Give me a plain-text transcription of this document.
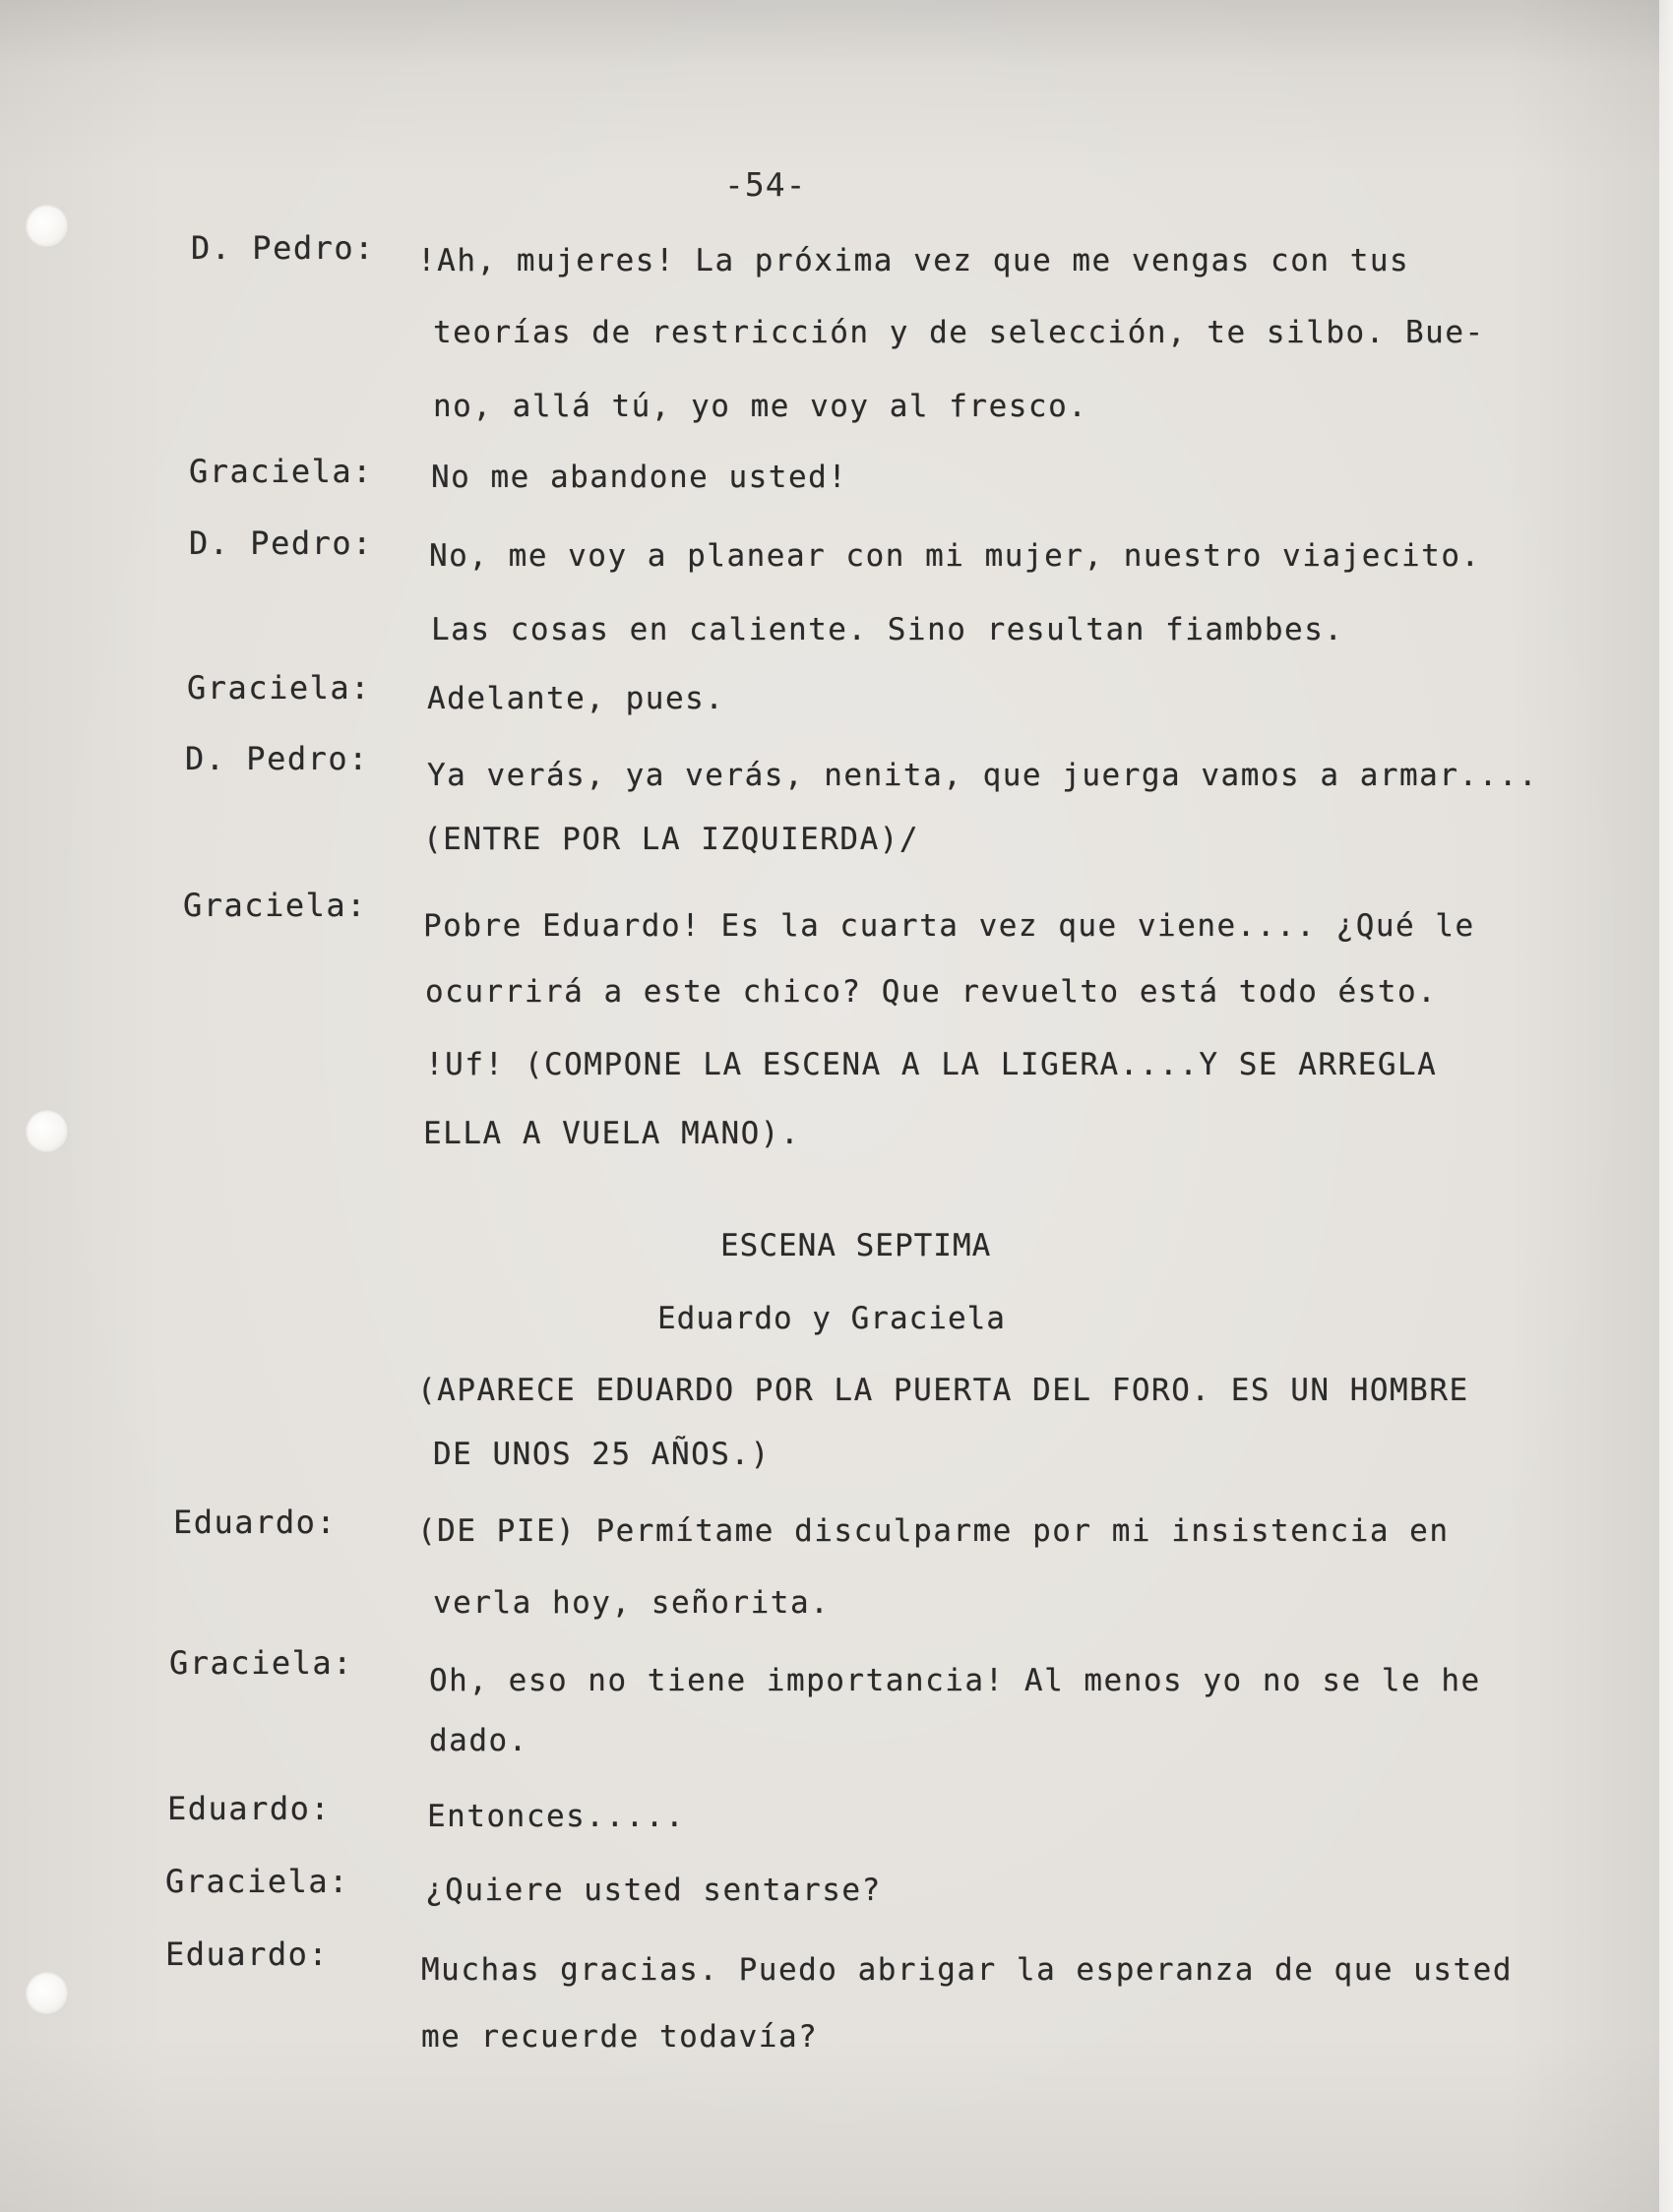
-54-

D. Pedro:

Graciela:

D. Pedro:

Graciela:

D. Pedro:

Graciela:

Eduardo:

Graciela:

Eduardo:

Graciela:

Eduardo:

!Ah, mujeres! La próxima vez que me vengas con tus

teorías de restricción y de selección, te silbo. Bue-

no, allá tú, yo me voy al fresco.

No me abandone usted!

No, me voy a planear con mi mujer, nuestro viajecito.

Las cosas en caliente. Sino resultan fiambbes.

Adelante, pues.

Ya verás, ya verás, nenita, que juerga vamos a armar....

(ENTRE POR LA IZQUIERDA)/

Pobre Eduardo! Es la cuarta vez que viene.... ¿Qué le

ocurrirá a este chico? Que revuelto está todo ésto.

!Uf! (COMPONE LA ESCENA A LA LIGERA....Y SE ARREGLA

ELLA A VUELA MANO).

ESCENA SEPTIMA

Eduardo y Graciela

(APARECE EDUARDO POR LA PUERTA DEL FORO. ES UN HOMBRE

DE UNOS 25 AÑOS.)

(DE PIE) Permítame disculparme por mi insistencia en

verla hoy, señorita.

Oh, eso no tiene importancia! Al menos yo no se le he

dado.

Entonces.....

¿Quiere usted sentarse?

Muchas gracias. Puedo abrigar la esperanza de que usted

me recuerde todavía?
